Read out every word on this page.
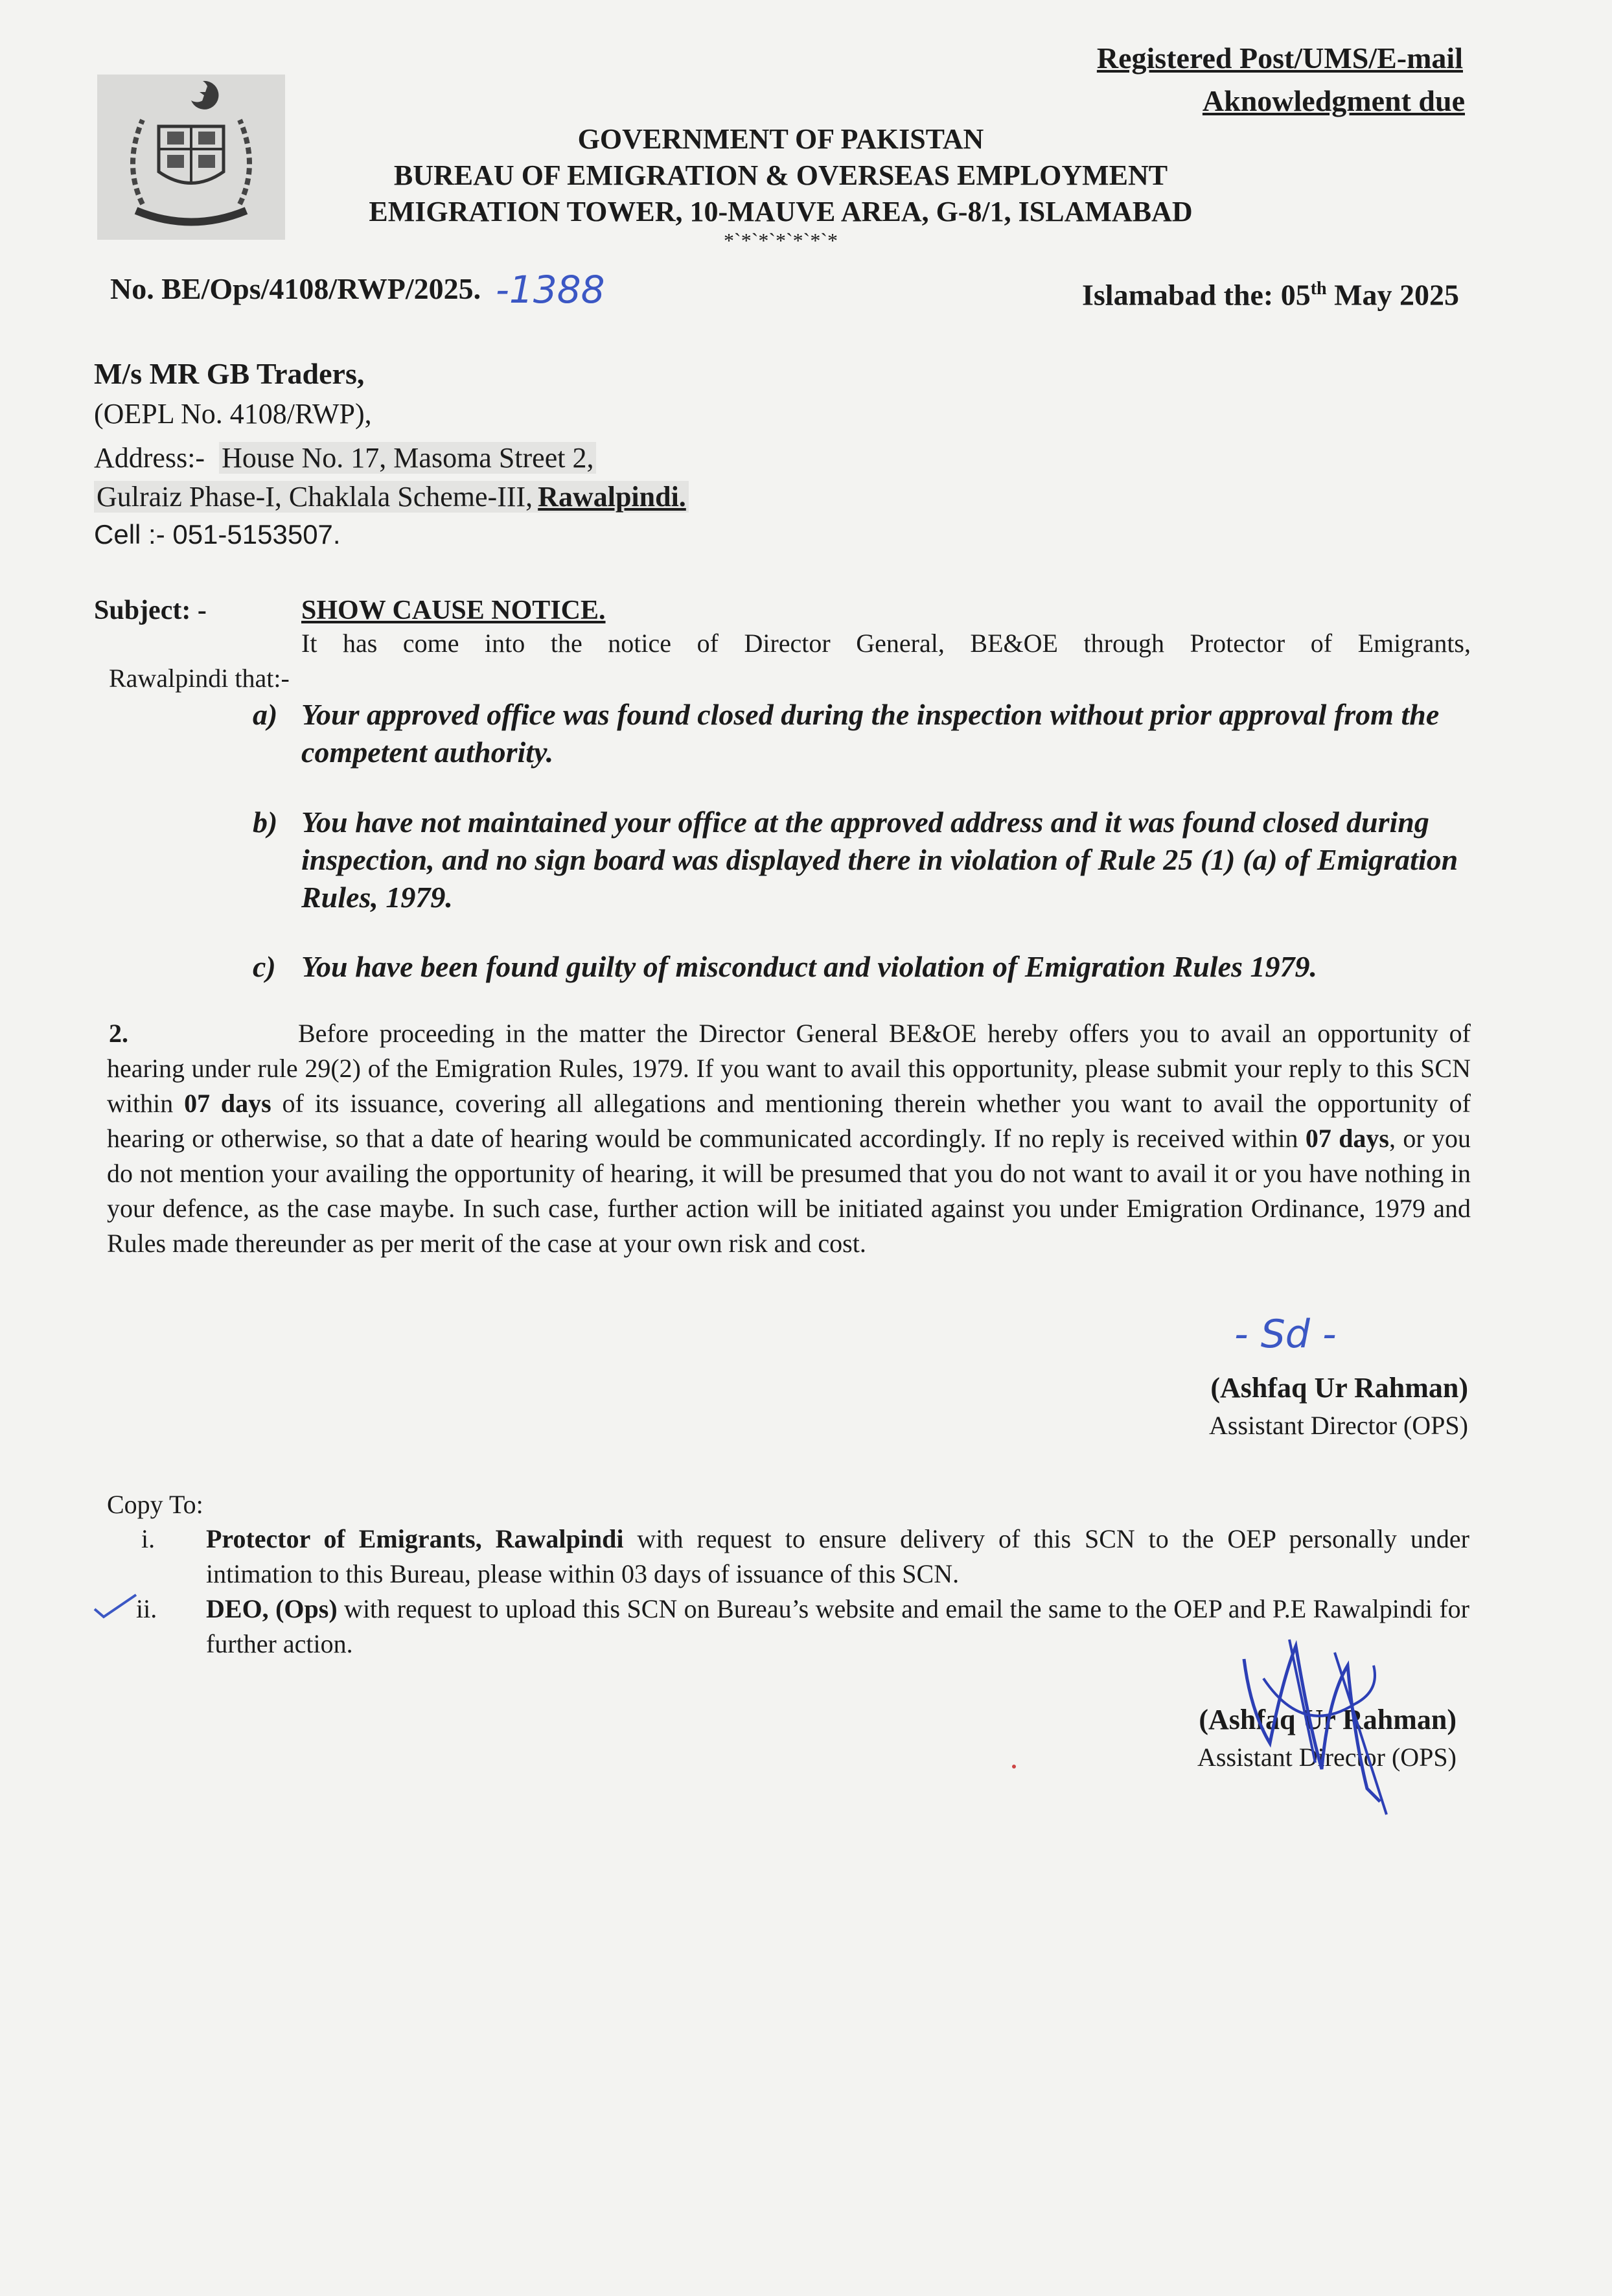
Registered Post/UMS/E-mail
Aknowledgment due
GOVERNMENT OF PAKISTAN
BUREAU OF EMIGRATION & OVERSEAS EMPLOYMENT
EMIGRATION TOWER, 10-MAUVE AREA, G-8/1, ISLAMABAD
*`*`*`*`*`*`*
No. BE/Ops/4108/RWP/2025. -1388	Islamabad the: 05th May 2025
M/s MR GB Traders,
(OEPL No. 4108/RWP),
Address:- House No. 17, Masoma Street 2,
Gulraiz Phase-I, Chaklala Scheme-III, Rawalpindi.
Cell :- 051-5153507.
Subject: -	SHOW CAUSE NOTICE.
It has come into the notice of Director General, BE&OE through Protector of Emigrants,
Rawalpindi that:-
a) Your approved office was found closed during the inspection without prior approval from the competent authority.
b) You have not maintained your office at the approved address and it was found closed during inspection, and no sign board was displayed there in violation of Rule 25 (1) (a) of Emigration Rules, 1979.
c) You have been found guilty of misconduct and violation of Emigration Rules 1979.
2.	Before proceeding in the matter the Director General BE&OE hereby offers you to avail an opportunity of hearing under rule 29(2) of the Emigration Rules, 1979. If you want to avail this opportunity, please submit your reply to this SCN within 07 days of its issuance, covering all allegations and mentioning therein whether you want to avail the opportunity of hearing or otherwise, so that a date of hearing would be communicated accordingly. If no reply is received within 07 days, or you do not mention your availing the opportunity of hearing, it will be presumed that you do not want to avail it or you have nothing in your defence, as the case maybe. In such case, further action will be initiated against you under Emigration Ordinance, 1979 and Rules made thereunder as per merit of the case at your own risk and cost.
- Sd -
(Ashfaq Ur Rahman)
Assistant Director (OPS)
Copy To:
i. Protector of Emigrants, Rawalpindi with request to ensure delivery of this SCN to the OEP personally under intimation to this Bureau, please within 03 days of issuance of this SCN.
ii. DEO, (Ops) with request to upload this SCN on Bureau’s website and email the same to the OEP and P.E Rawalpindi for further action.
(Ashfaq Ur Rahman)
Assistant Director (OPS)
